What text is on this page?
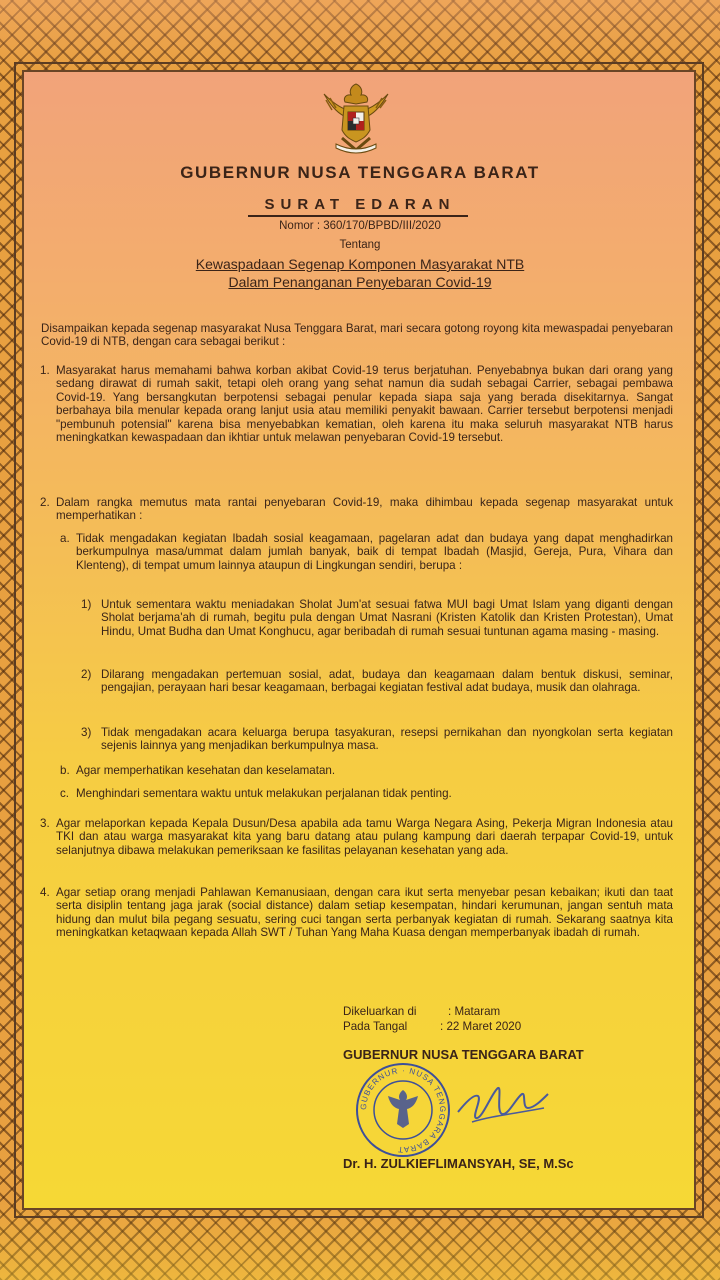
GUBERNUR NUSA TENGGARA BARAT
SURAT EDARAN
Nomor : 360/170/BPBD/III/2020
Tentang
Kewaspadaan Segenap Komponen Masyarakat NTB
Dalam Penanganan Penyebaran Covid-19

Disampaikan kepada segenap masyarakat Nusa Tenggara Barat, mari secara gotong royong kita mewaspadai penyebaran Covid-19 di NTB, dengan cara sebagai berikut :

1. Masyarakat harus memahami bahwa korban akibat Covid-19 terus berjatuhan. Penyebabnya bukan dari orang yang sedang dirawat di rumah sakit, tetapi oleh orang yang sehat namun dia sudah sebagai Carrier, sebagai pembawa Covid-19. Yang bersangkutan berpotensi sebagai penular kepada siapa saja yang berada disekitarnya. Sangat berbahaya bila menular kepada orang lanjut usia atau memiliki penyakit bawaan. Carrier tersebut berpotensi menjadi "pembunuh potensial" karena bisa menyebabkan kematian, oleh karena itu maka seluruh masyarakat NTB harus meningkatkan kewaspadaan dan ikhtiar untuk melawan penyebaran Covid-19 tersebut.

2. Dalam rangka memutus mata rantai penyebaran Covid-19, maka dihimbau kepada segenap masyarakat untuk memperhatikan :

a. Tidak mengadakan kegiatan Ibadah sosial keagamaan, pagelaran adat dan budaya yang dapat menghadirkan berkumpulnya masa/ummat dalam jumlah banyak, baik di tempat Ibadah (Masjid, Gereja, Pura, Vihara dan Klenteng), di tempat umum lainnya ataupun di Lingkungan sendiri, berupa :

1) Untuk sementara waktu meniadakan Sholat Jum'at sesuai fatwa MUI bagi Umat Islam yang diganti dengan Sholat berjama'ah di rumah, begitu pula dengan Umat Nasrani (Kristen Katolik dan Kristen Protestan), Umat Hindu, Umat Budha dan Umat Konghucu, agar beribadah di rumah sesuai tuntunan agama masing - masing.

2) Dilarang mengadakan pertemuan sosial, adat, budaya dan keagamaan dalam bentuk diskusi, seminar, pengajian, perayaan hari besar keagamaan, berbagai kegiatan festival adat budaya, musik dan olahraga.

3) Tidak mengadakan acara keluarga berupa tasyakuran, resepsi pernikahan dan nyongkolan serta kegiatan sejenis lainnya yang menjadikan berkumpulnya masa.

b. Agar memperhatikan kesehatan dan keselamatan.

c. Menghindari sementara waktu untuk melakukan perjalanan tidak penting.

3. Agar melaporkan kepada Kepala Dusun/Desa apabila ada tamu Warga Negara Asing, Pekerja Migran Indonesia atau TKI dan atau warga masyarakat kita yang baru datang atau pulang kampung dari daerah terpapar Covid-19, untuk selanjutnya dibawa melakukan pemeriksaan ke fasilitas pelayanan kesehatan yang ada.

4. Agar setiap orang menjadi Pahlawan Kemanusiaan, dengan cara ikut serta menyebar pesan kebaikan; ikuti dan taat serta disiplin tentang jaga jarak (social distance) dalam setiap kesempatan, hindari kerumunan, jangan sentuh mata hidung dan mulut bila pegang sesuatu, sering cuci tangan serta perbanyak kegiatan di rumah. Sekarang saatnya kita meningkatkan ketaqwaan kepada Allah SWT / Tuhan Yang Maha Kuasa dengan memperbanyak ibadah di rumah.

Dikeluarkan di	: Mataram
Pada Tangal	: 22 Maret 2020
GUBERNUR NUSA TENGGARA BARAT
GUBERNUR · NUSA TENGGARA BARAT
Dr. H. ZULKIEFLIMANSYAH, SE, M.Sc
